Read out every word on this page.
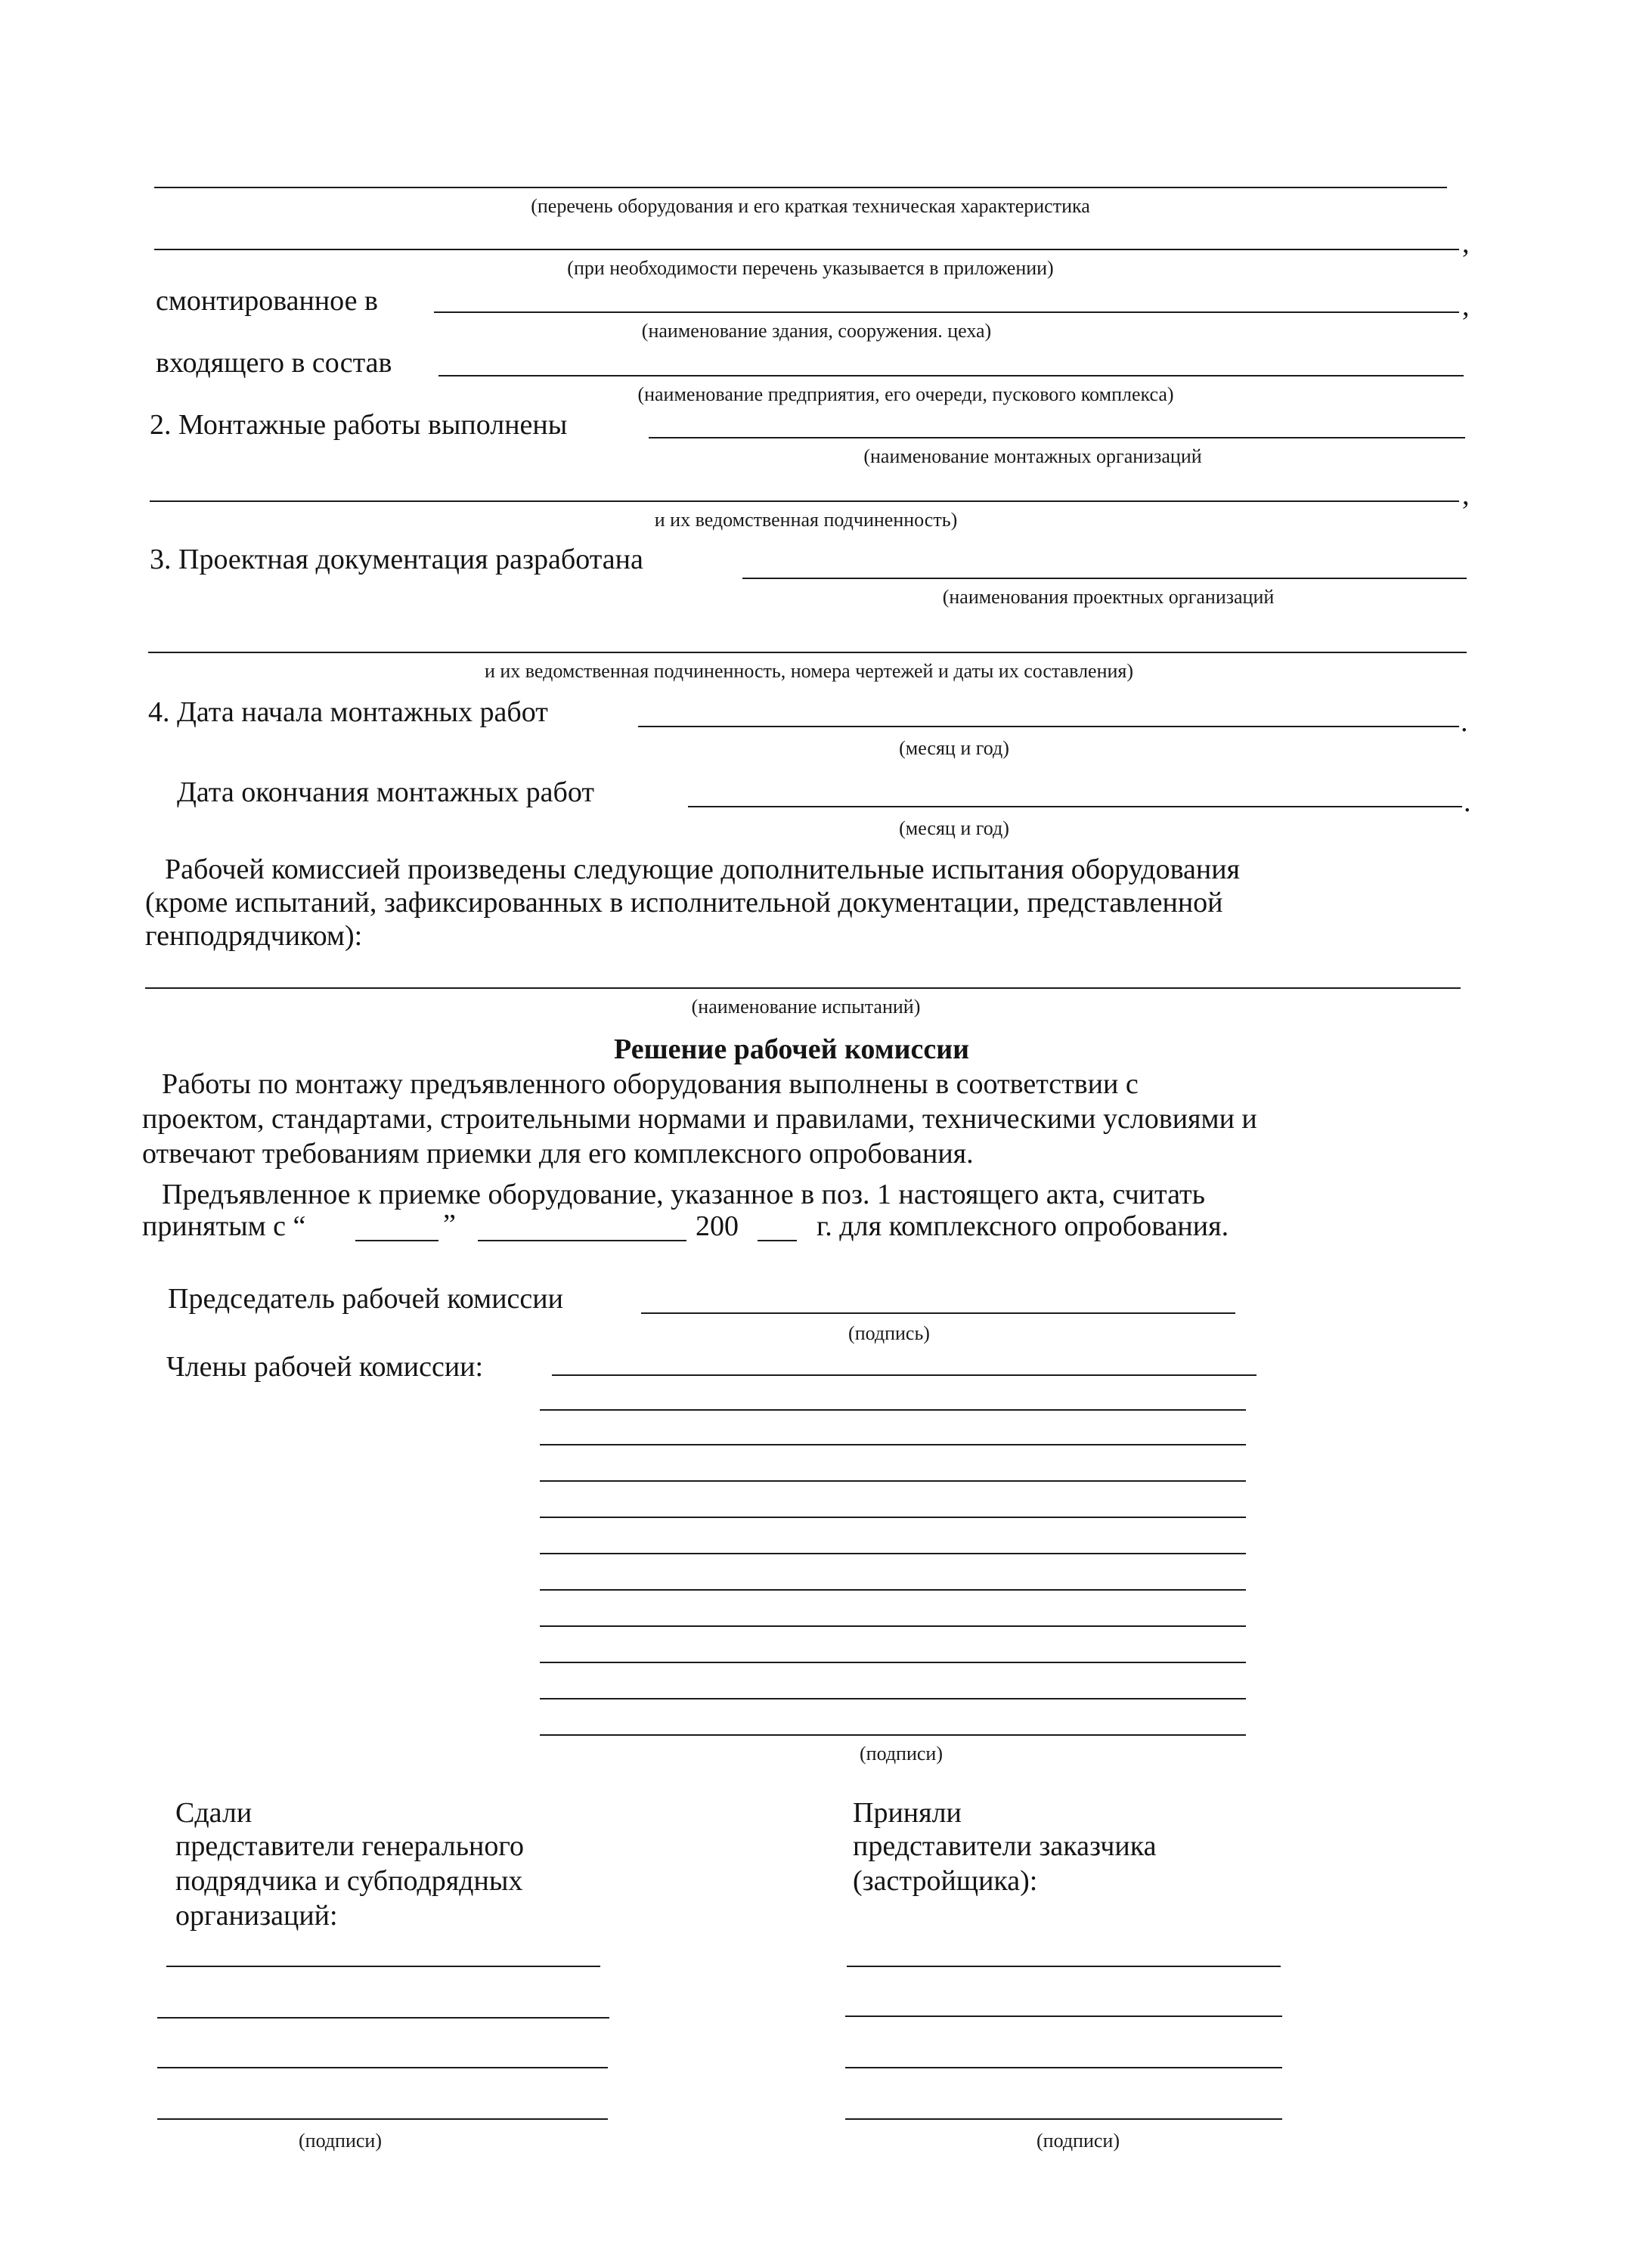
(перечень оборудования и его краткая техническая характеристика
,
(при необходимости перечень указывается в приложении)
смонтированное в	,
(наименование здания, сооружения. цеха)
входящего в состав
(наименование предприятия, его очереди, пускового комплекса)
2. Монтажные работы выполнены
(наименование монтажных организаций
,
и их ведомственная подчиненность)
3. Проектная документация разработана
(наименования проектных организаций
и их ведомственная подчиненность, номера чертежей и даты их составления)
4. Дата начала монтажных работ	.
(месяц и год)
Дата окончания монтажных работ	.
(месяц и год)
Рабочей комиссией произведены следующие дополнительные испытания оборудования
(кроме испытаний, зафиксированных в исполнительной документации, представленной
генподрядчиком):
(наименование испытаний)
Решение рабочей комиссии
Работы по монтажу предъявленного оборудования выполнены в соответствии с
проектом, стандартами, строительными нормами и правилами, техническими условиями и
отвечают требованиям приемки для его комплексного опробования.
Предъявленное к приемке оборудование, указанное в поз. 1 настоящего акта, считать
принятым с “	”	200	г. для комплексного опробования.
Председатель рабочей комиссии
(подпись)
Члены рабочей комиссии:
(подписи)
Сдали
представители генерального
подрядчика и субподрядных
организаций:
(подписи)
Приняли
представители заказчика
(застройщика):
(подписи)
